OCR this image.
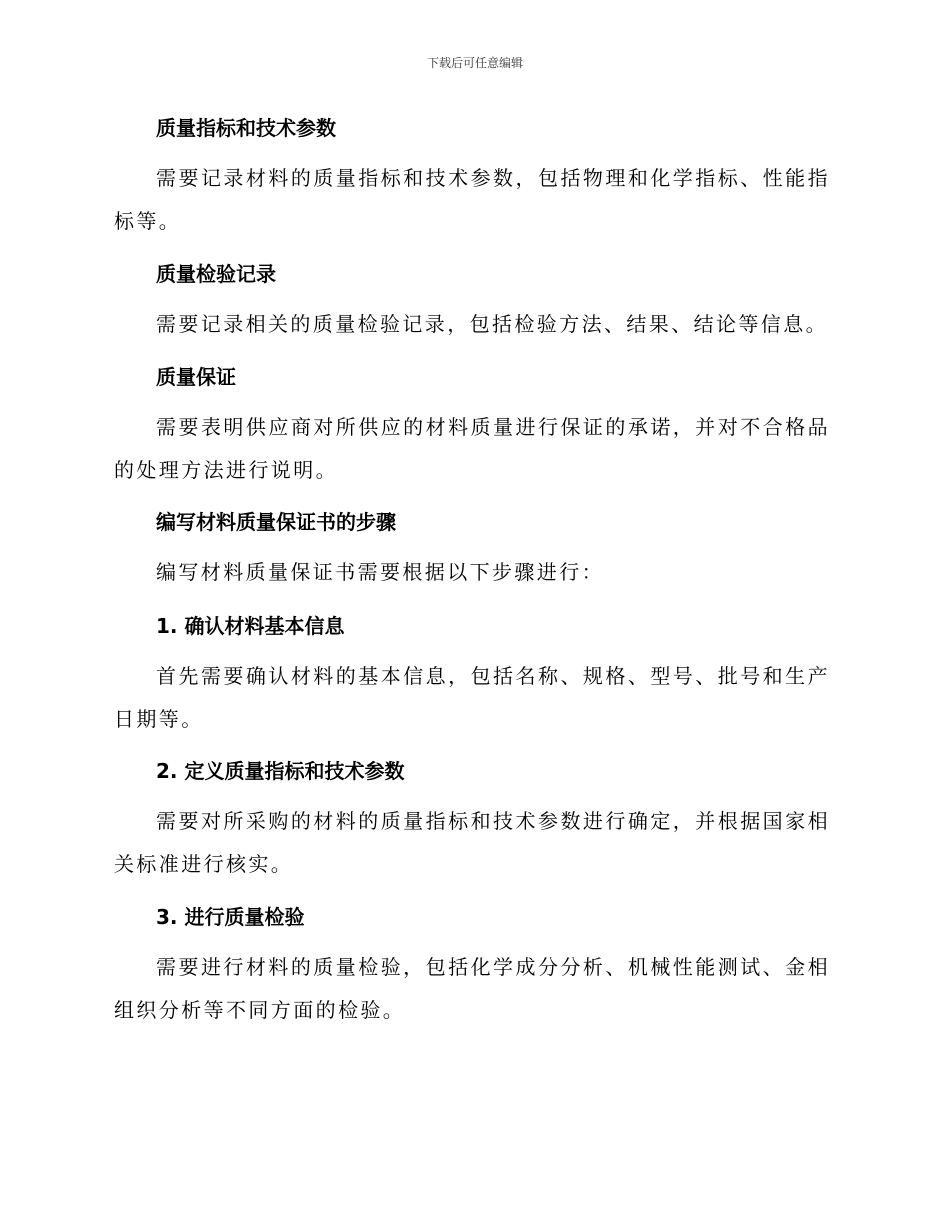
下载后可任意编辑
质量指标和技术参数
需要记录材料的质量指标和技术参数，包括物理和化学指标、性能指标等。
质量检验记录
需要记录相关的质量检验记录，包括检验方法、结果、结论等信息。
质量保证
需要表明供应商对所供应的材料质量进行保证的承诺，并对不合格品的处理方法进行说明。
编写材料质量保证书的步骤
编写材料质量保证书需要根据以下步骤进行：
1. 确认材料基本信息
首先需要确认材料的基本信息，包括名称、规格、型号、批号和生产日期等。
2. 定义质量指标和技术参数
需要对所采购的材料的质量指标和技术参数进行确定，并根据国家相关标准进行核实。
3. 进行质量检验
需要进行材料的质量检验，包括化学成分分析、机械性能测试、金相组织分析等不同方面的检验。
